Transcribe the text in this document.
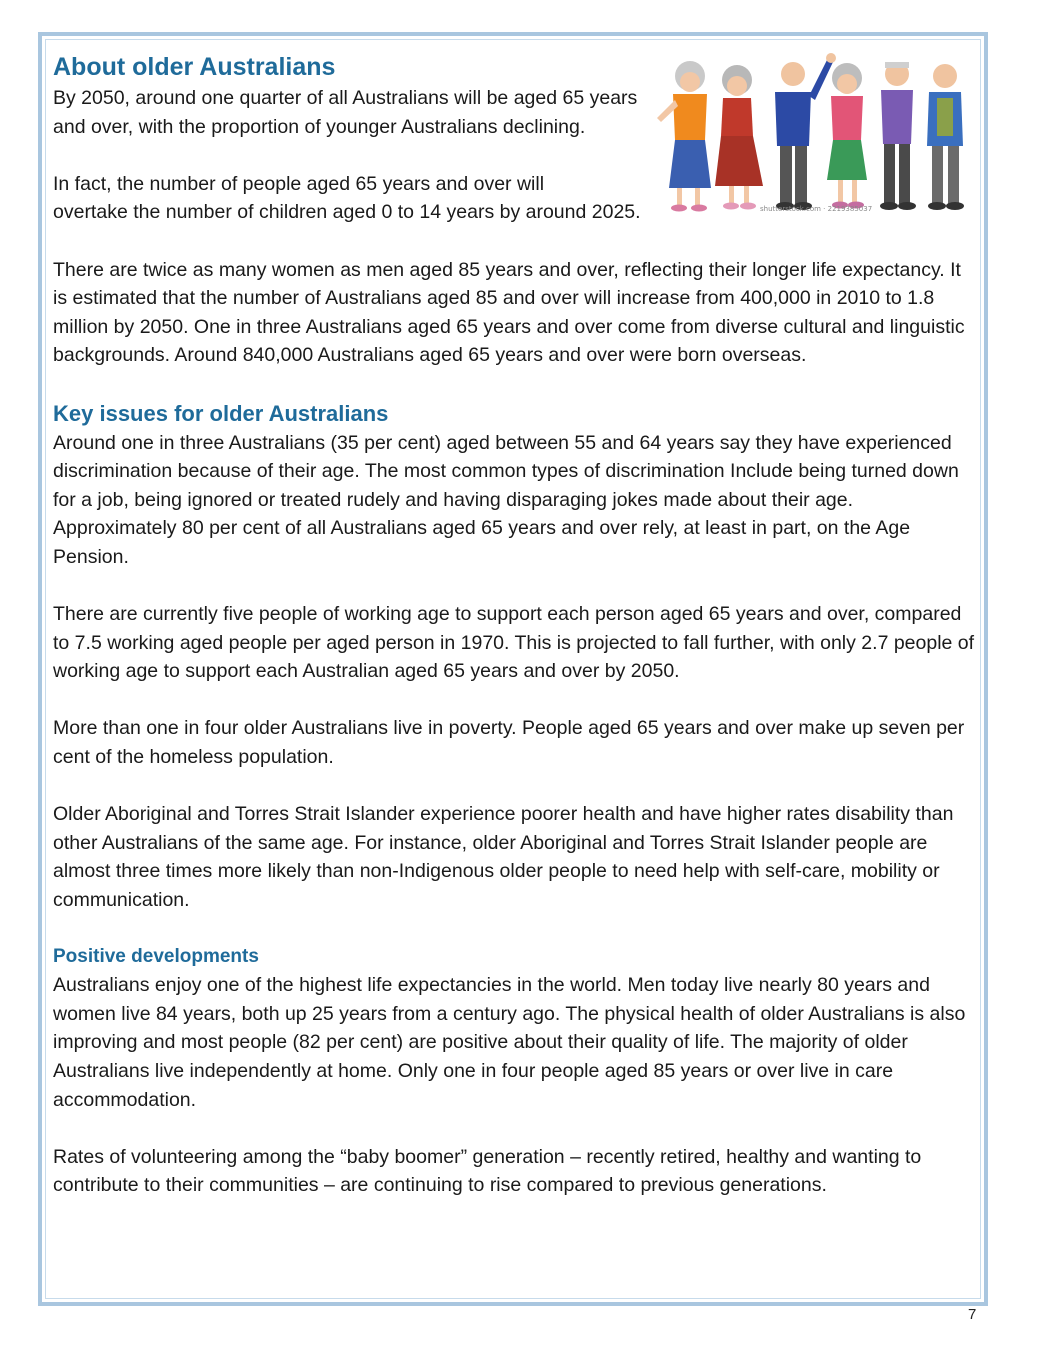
shutterstock.com · 2219385037
About older Australians

By 2050, around one quarter of all Australians will be aged 65 years and over, with the proportion of younger Australians declining.

In fact, the number of people aged 65 years and over will

overtake the number of children aged 0 to 14 years by around 2025.

There are twice as many women as men aged 85 years and over, reflecting their longer life expectancy. It is estimated that the number of Australians aged 85 and over will increase from 400,000 in 2010 to 1.8 million by 2050. One in three Australians aged 65 years and over come from diverse cultural and linguistic backgrounds. Around 840,000 Australians aged 65 years and over were born overseas.

Key issues for older Australians

Around one in three Australians (35 per cent) aged between 55 and 64 years say they have experienced discrimination because of their age. The most common types of discrimination Include being turned down for a job, being ignored or treated rudely and having disparaging jokes made about their age. Approximately 80 per cent of all Australians aged 65 years and over rely, at least in part, on the Age Pension.

There are currently five people of working age to support each person aged 65 years and over, compared to 7.5 working aged people per aged person in 1970. This is projected to fall further, with only 2.7 people of working age to support each Australian aged 65 years and over by 2050.

More than one in four older Australians live in poverty. People aged 65 years and over make up seven per cent of the homeless population.

Older Aboriginal and Torres Strait Islander experience poorer health and have higher rates disability than other Australians of the same age. For instance, older Aboriginal and Torres Strait Islander people are almost three times more likely than non-Indigenous older people to need help with self-care, mobility or communication.

Positive developments

Australians enjoy one of the highest life expectancies in the world. Men today live nearly 80 years and women live 84 years, both up 25 years from a century ago. The physical health of older Australians is also improving and most people (82 per cent) are positive about their quality of life. The majority of older Australians live independently at home. Only one in four people aged 85 years or over live in care accommodation.

Rates of volunteering among the “baby boomer” generation – recently retired, healthy and wanting to contribute to their communities – are continuing to rise compared to previous generations.

7
